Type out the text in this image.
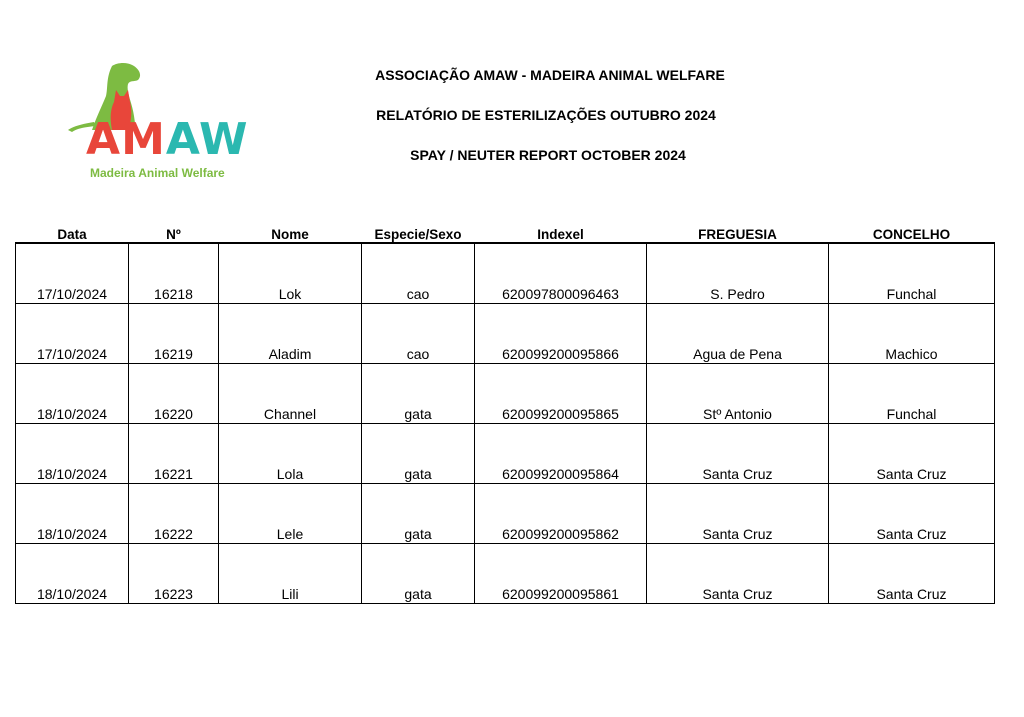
AMAW
Madeira Animal Welfare
ASSOCIAÇÃO AMAW - MADEIRA ANIMAL WELFARE
RELATÓRIO DE ESTERILIZAÇÕES OUTUBRO 2024
SPAY / NEUTER REPORT OCTOBER 2024
Data	Nº	Nome	Especie/Sexo	Indexel	FREGUESIA	CONCELHO
17/10/2024	16218	Lok	cao	620097800096463	S. Pedro	Funchal
17/10/2024	16219	Aladim	cao	620099200095866	Agua de Pena	Machico
18/10/2024	16220	Channel	gata	620099200095865	Stº Antonio	Funchal
18/10/2024	16221	Lola	gata	620099200095864	Santa Cruz	Santa Cruz
18/10/2024	16222	Lele	gata	620099200095862	Santa Cruz	Santa Cruz
18/10/2024	16223	Lili	gata	620099200095861	Santa Cruz	Santa Cruz
